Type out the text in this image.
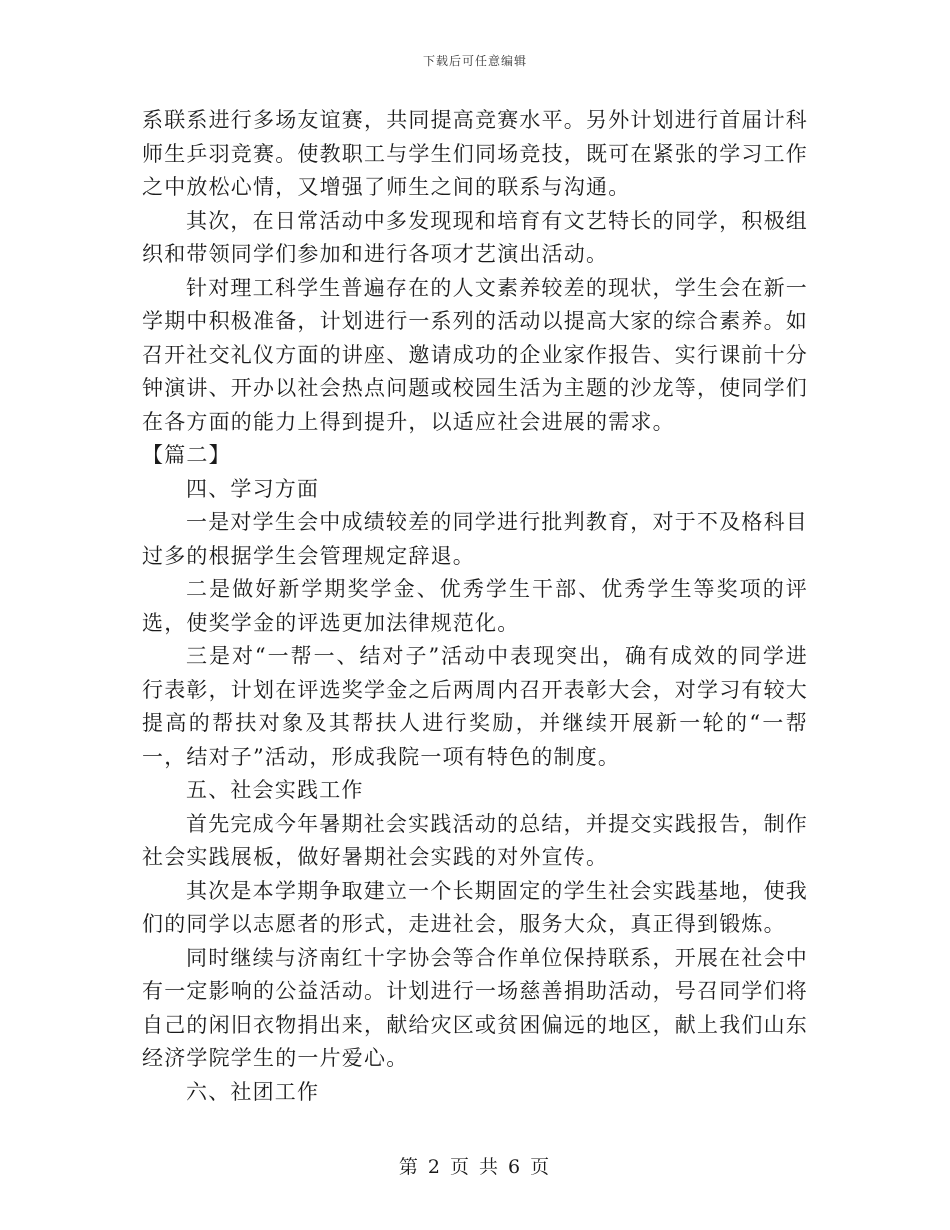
下载后可任意编辑

系联系进行多场友谊赛，共同提高竞赛水平。另外计划进行首届计科师生乒羽竞赛。使教职工与学生们同场竞技，既可在紧张的学习工作之中放松心情，又增强了师生之间的联系与沟通。

其次，在日常活动中多发现现和培育有文艺特长的同学，积极组织和带领同学们参加和进行各项才艺演出活动。

针对理工科学生普遍存在的人文素养较差的现状，学生会在新一学期中积极准备，计划进行一系列的活动以提高大家的综合素养。如召开社交礼仪方面的讲座、邀请成功的企业家作报告、实行课前十分钟演讲、开办以社会热点问题或校园生活为主题的沙龙等，使同学们在各方面的能力上得到提升，以适应社会进展的需求。

【篇二】

四、学习方面

一是对学生会中成绩较差的同学进行批判教育，对于不及格科目过多的根据学生会管理规定辞退。

二是做好新学期奖学金、优秀学生干部、优秀学生等奖项的评选，使奖学金的评选更加法律规范化。

三是对“一帮一、结对子”活动中表现突出，确有成效的同学进行表彰，计划在评选奖学金之后两周内召开表彰大会，对学习有较大提高的帮扶对象及其帮扶人进行奖励，并继续开展新一轮的“一帮一，结对子”活动，形成我院一项有特色的制度。

五、社会实践工作

首先完成今年暑期社会实践活动的总结，并提交实践报告，制作社会实践展板，做好暑期社会实践的对外宣传。

其次是本学期争取建立一个长期固定的学生社会实践基地，使我们的同学以志愿者的形式，走进社会，服务大众，真正得到锻炼。

同时继续与济南红十字协会等合作单位保持联系，开展在社会中有一定影响的公益活动。计划进行一场慈善捐助活动，号召同学们将自己的闲旧衣物捐出来，献给灾区或贫困偏远的地区，献上我们山东经济学院学生的一片爱心。

六、社团工作

第 2 页 共 6 页
